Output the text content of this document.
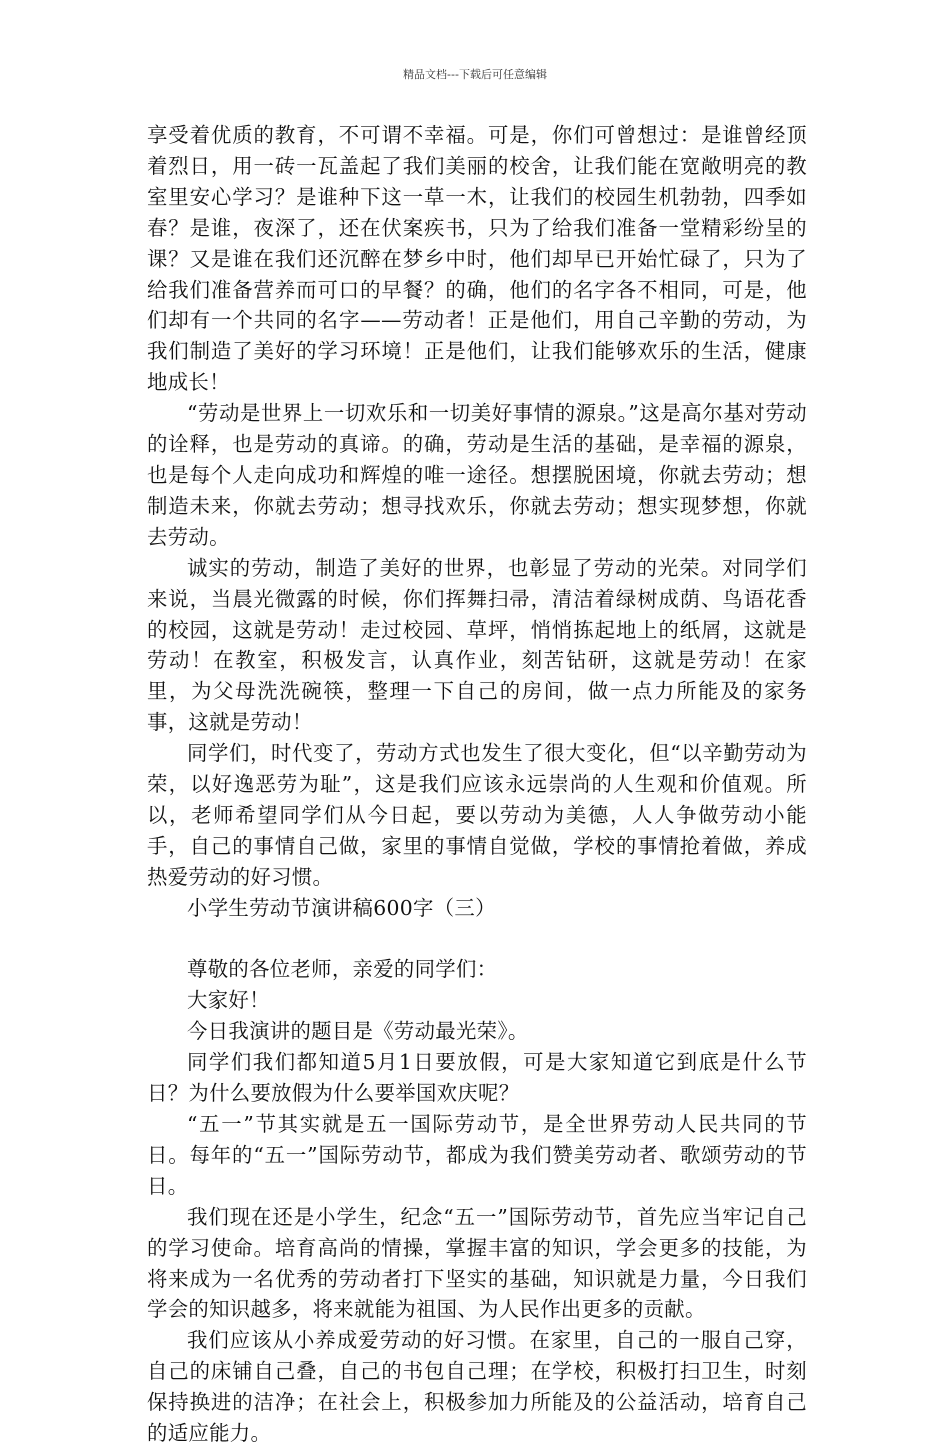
精品文档---下载后可任意编辑

享受着优质的教育，不可谓不幸福。可是，你们可曾想过：是谁曾经顶着烈日，用一砖一瓦盖起了我们美丽的校舍，让我们能在宽敞明亮的教室里安心学习？是谁种下这一草一木，让我们的校园生机勃勃，四季如春？是谁，夜深了，还在伏案疾书，只为了给我们准备一堂精彩纷呈的课？又是谁在我们还沉醉在梦乡中时，他们却早已开始忙碌了，只为了给我们准备营养而可口的早餐？的确，他们的名字各不相同，可是，他们却有一个共同的名字——劳动者！正是他们，用自己辛勤的劳动，为我们制造了美好的学习环境！正是他们，让我们能够欢乐的生活，健康地成长！

“劳动是世界上一切欢乐和一切美好事情的源泉。”这是高尔基对劳动的诠释，也是劳动的真谛。的确，劳动是生活的基础，是幸福的源泉，也是每个人走向成功和辉煌的唯一途径。想摆脱困境，你就去劳动；想制造未来，你就去劳动；想寻找欢乐，你就去劳动；想实现梦想，你就去劳动。

诚实的劳动，制造了美好的世界，也彰显了劳动的光荣。对同学们来说，当晨光微露的时候，你们挥舞扫帚，清洁着绿树成荫、鸟语花香的校园，这就是劳动！走过校园、草坪，悄悄拣起地上的纸屑，这就是劳动！在教室，积极发言，认真作业，刻苦钻研，这就是劳动！在家里，为父母洗洗碗筷，整理一下自己的房间，做一点力所能及的家务事，这就是劳动！

同学们，时代变了，劳动方式也发生了很大变化，但“以辛勤劳动为荣，以好逸恶劳为耻”，这是我们应该永远崇尚的人生观和价值观。所以，老师希望同学们从今日起，要以劳动为美德，人人争做劳动小能手，自己的事情自己做，家里的事情自觉做，学校的事情抢着做，养成热爱劳动的好习惯。

小学生劳动节演讲稿600字（三）

尊敬的各位老师，亲爱的同学们：

大家好！

今日我演讲的题目是《劳动最光荣》。

同学们我们都知道5月1日要放假，可是大家知道它到底是什么节日？为什么要放假为什么要举国欢庆呢？

“五一”节其实就是五一国际劳动节，是全世界劳动人民共同的节日。每年的“五一”国际劳动节，都成为我们赞美劳动者、歌颂劳动的节日。

我们现在还是小学生，纪念“五一”国际劳动节，首先应当牢记自己的学习使命。培育高尚的情操，掌握丰富的知识，学会更多的技能，为将来成为一名优秀的劳动者打下坚实的基础，知识就是力量，今日我们学会的知识越多，将来就能为祖国、为人民作出更多的贡献。

我们应该从小养成爱劳动的好习惯。在家里，自己的一服自己穿，自己的床铺自己叠，自己的书包自己理；在学校，积极打扫卫生，时刻保持换进的洁净；在社会上，积极参加力所能及的公益活动，培育自己的适应能力。
